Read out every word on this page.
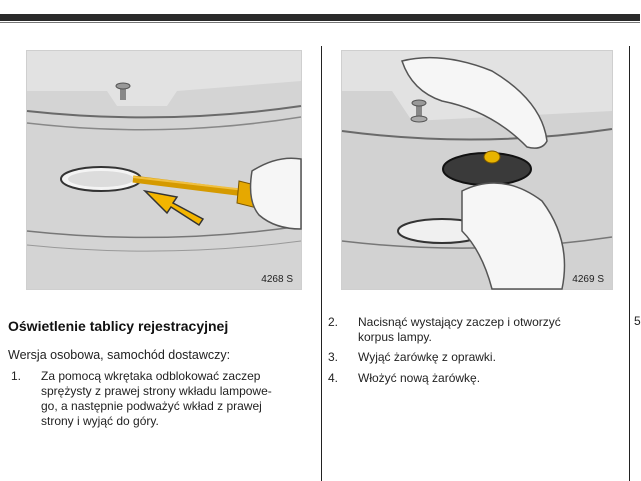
4268 S	4269 S
Oświetlenie tablicy rejestracyjnej
Wersja osobowa, samochód dostawczy:
1. Za pomocą wkrętaka odblokować zaczep
sprężysty z prawej strony wkładu lampowe-
go, a następnie podważyć wkład z prawej
strony i wyjąć do góry.
2. Nacisnąć wystający zaczep i otworzyć
korpus lampy.
3. Wyjąć żarówkę z oprawki.
4. Włożyć nową żarówkę.
5
